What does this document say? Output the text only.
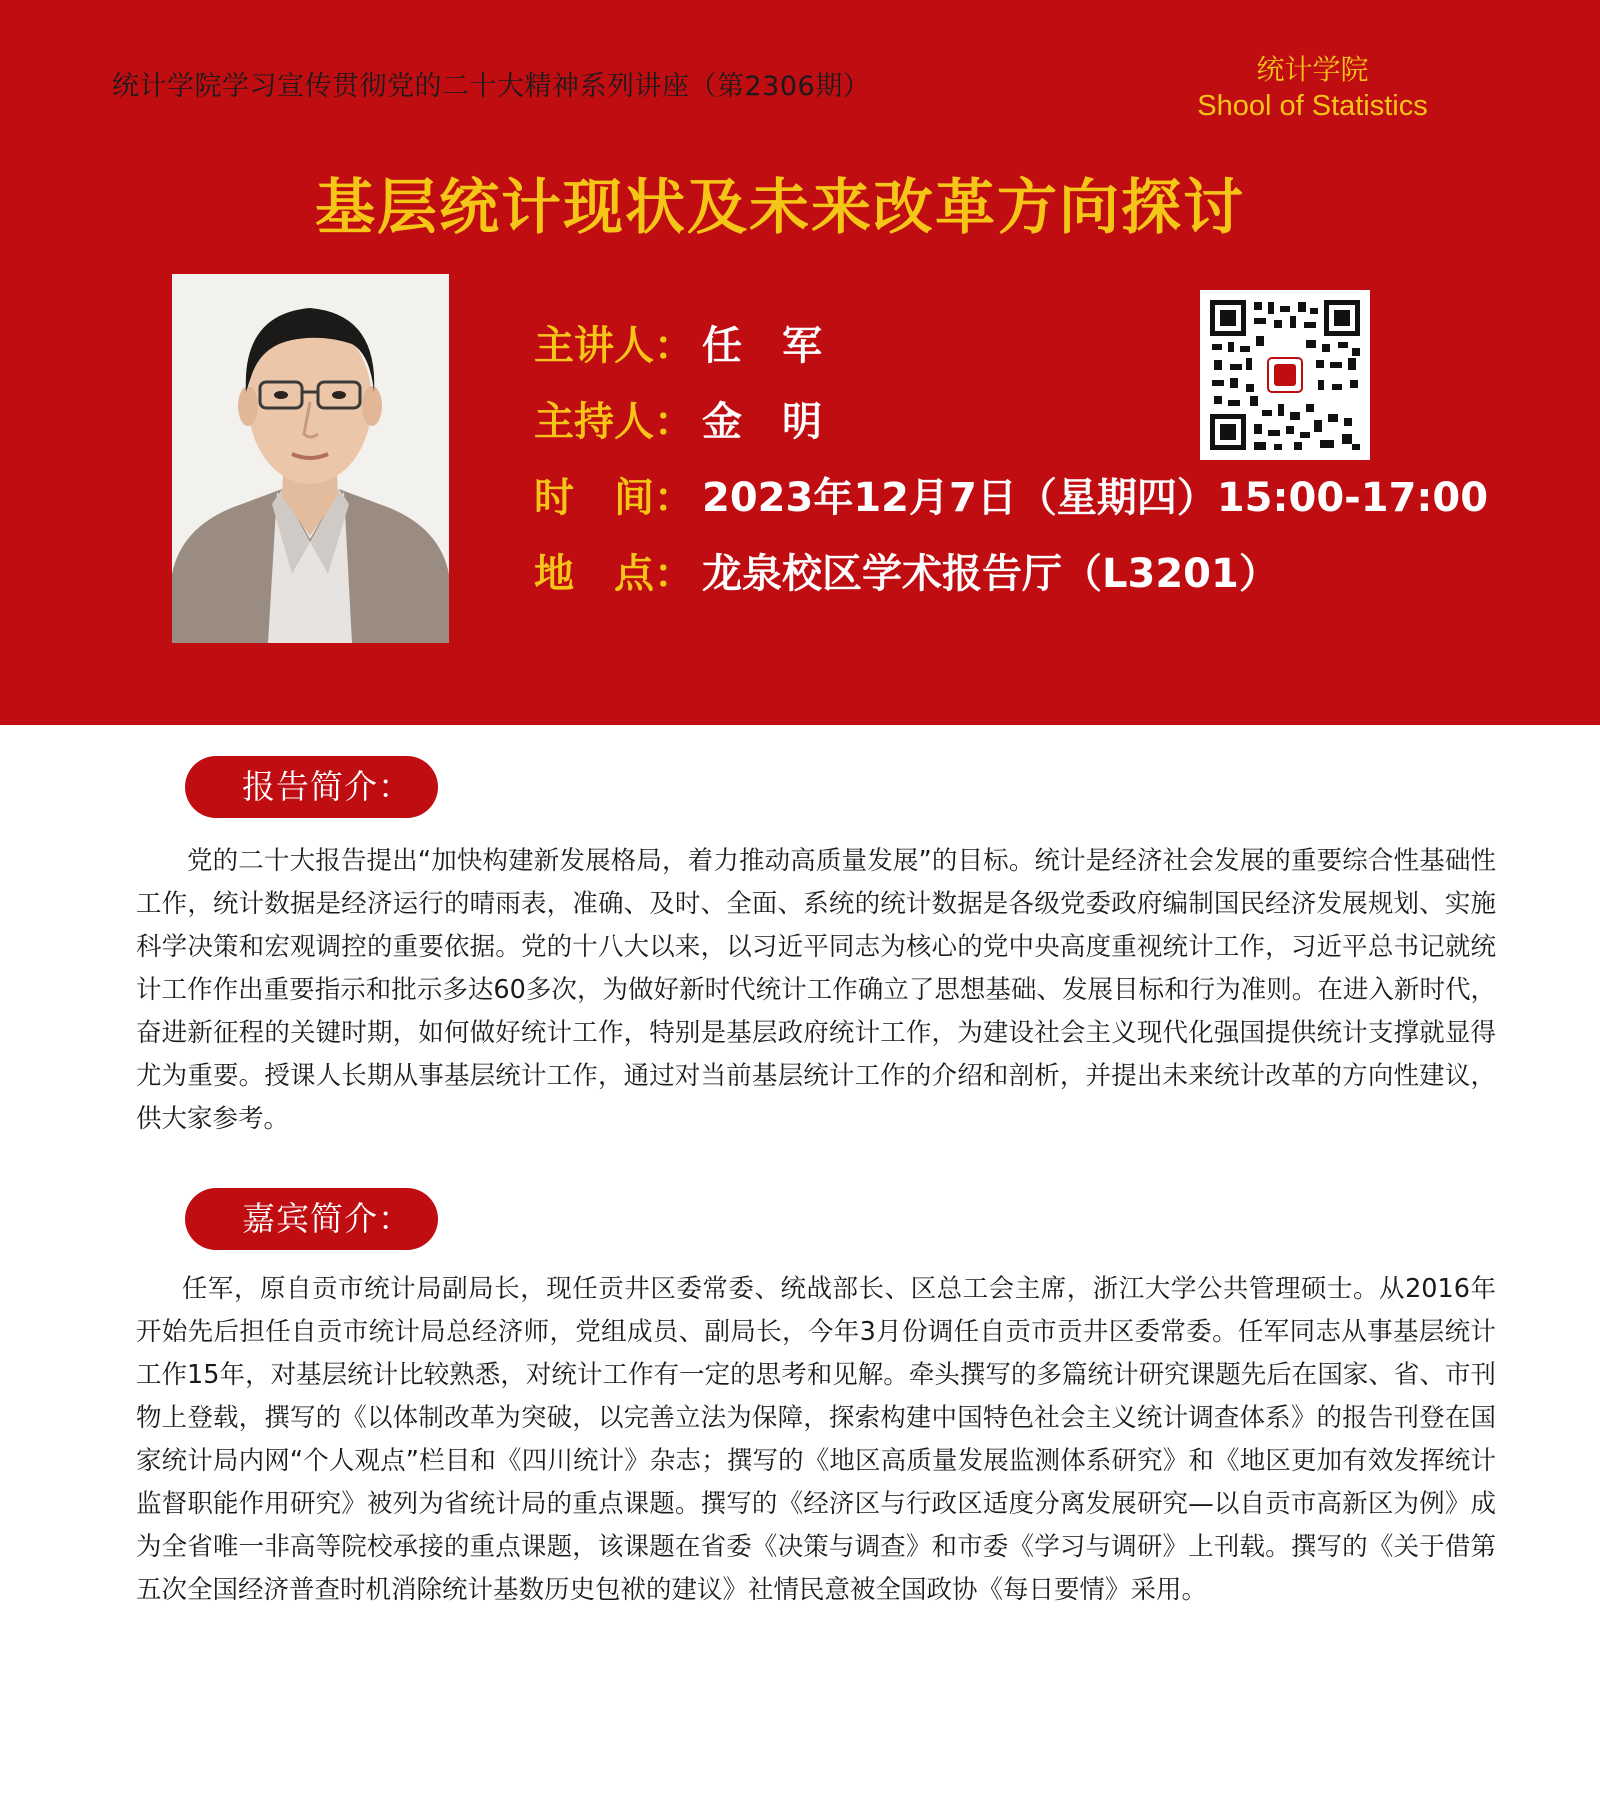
统计学院学习宣传贯彻党的二十大精神系列讲座（第2306期）
统计学院
Shool of Statistics
基层统计现状及未来改革方向探讨
主讲人： 任　军
主持人： 金　明
时　间： 2023年12月7日（星期四）15:00-17:00
地　点： 龙泉校区学术报告厅（L3201）
报告简介：
党的二十大报告提出“加快构建新发展格局，着力推动高质量发展”的目标。统计是经济社会发展的重要综合性基础性工作，统计数据是经济运行的晴雨表，准确、及时、全面、系统的统计数据是各级党委政府编制国民经济发展规划、实施科学决策和宏观调控的重要依据。党的十八大以来，以习近平同志为核心的党中央高度重视统计工作，习近平总书记就统计工作作出重要指示和批示多达60多次，为做好新时代统计工作确立了思想基础、发展目标和行为准则。在进入新时代，奋进新征程的关键时期，如何做好统计工作，特别是基层政府统计工作，为建设社会主义现代化强国提供统计支撑就显得尤为重要。授课人长期从事基层统计工作，通过对当前基层统计工作的介绍和剖析，并提出未来统计改革的方向性建议，供大家参考。
嘉宾简介：
任军，原自贡市统计局副局长，现任贡井区委常委、统战部长、区总工会主席，浙江大学公共管理硕士。从2016年开始先后担任自贡市统计局总经济师，党组成员、副局长，今年3月份调任自贡市贡井区委常委。任军同志从事基层统计工作15年，对基层统计比较熟悉，对统计工作有一定的思考和见解。牵头撰写的多篇统计研究课题先后在国家、省、市刊物上登载，撰写的《以体制改革为突破，以完善立法为保障，探索构建中国特色社会主义统计调查体系》的报告刊登在国家统计局内网“个人观点”栏目和《四川统计》杂志；撰写的《地区高质量发展监测体系研究》和《地区更加有效发挥统计监督职能作用研究》被列为省统计局的重点课题。撰写的《经济区与行政区适度分离发展研究—以自贡市高新区为例》成为全省唯一非高等院校承接的重点课题，该课题在省委《决策与调查》和市委《学习与调研》上刊载。撰写的《关于借第五次全国经济普查时机消除统计基数历史包袱的建议》社情民意被全国政协《每日要情》采用。
